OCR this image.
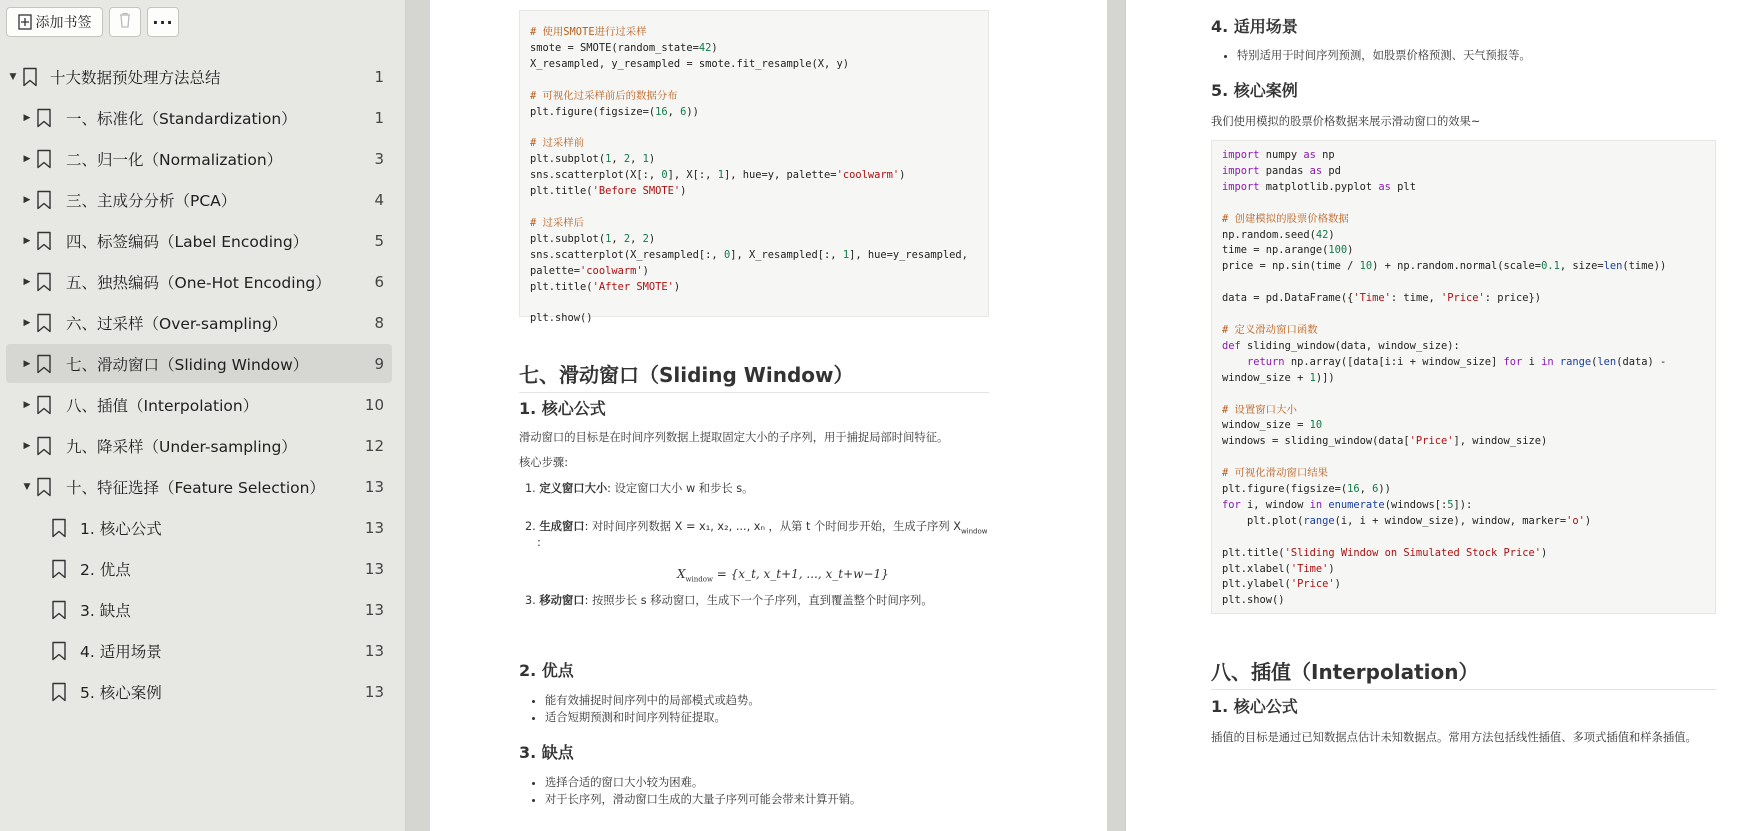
添加书签	···
▼ 十大数据预处理方法总结	1
▶ 一、标准化（Standardization）	1
▶ 二、归一化（Normalization）	3
▶ 三、主成分分析（PCA）	4
▶ 四、标签编码（Label Encoding）	5
▶ 五、独热编码（One-Hot Encoding）	6
▶ 六、过采样（Over-sampling）	8
▶ 七、滑动窗口（Sliding Window）	9
▶ 八、插值（Interpolation）	10
▶ 九、降采样（Under-sampling）	12
▼ 十、特征选择（Feature Selection）	13
1. 核心公式	13
2. 优点	13
3. 缺点	13
4. 适用场景	13
5. 核心案例	13
# 使用SMOTE进行过采样
smote = SMOTE(random_state=42)
X_resampled, y_resampled = smote.fit_resample(X, y)

# 可视化过采样前后的数据分布
plt.figure(figsize=(16, 6))

# 过采样前
plt.subplot(1, 2, 1)
sns.scatterplot(X[:, 0], X[:, 1], hue=y, palette='coolwarm')
plt.title('Before SMOTE')

# 过采样后
plt.subplot(1, 2, 2)
sns.scatterplot(X_resampled[:, 0], X_resampled[:, 1], hue=y_resampled,
palette='coolwarm')
plt.title('After SMOTE')

plt.show()
七、滑动窗口（Sliding Window）
1. 核心公式

滑动窗口的目标是在时间序列数据上提取固定大小的子序列，用于捕捉局部时间特征。

核心步骤:

1. 定义窗口大小: 设定窗口大小 w 和步长 s。
2. 生成窗口: 对时间序列数据 X = x₁, x₂, ..., xₙ ，从第 t 个时间步开始，生成子序列 $X_{window}$
:
$X_{window}$ = {x_t, x_t+1, ..., x_t+w−1}
3. 移动窗口: 按照步长 s 移动窗口，生成下一个子序列，直到覆盖整个时间序列。
2. 优点
• 能有效捕捉时间序列中的局部模式或趋势。
• 适合短期预测和时间序列特征提取。
3. 缺点
• 选择合适的窗口大小较为困难。
• 对于长序列，滑动窗口生成的大量子序列可能会带来计算开销。
4. 适用场景
• 特别适用于时间序列预测，如股票价格预测、天气预报等。
5. 核心案例

我们使用模拟的股票价格数据来展示滑动窗口的效果~

import numpy as np
import pandas as pd
import matplotlib.pyplot as plt

# 创建模拟的股票价格数据
np.random.seed(42)
time = np.arange(100)
price = np.sin(time / 10) + np.random.normal(scale=0.1, size=len(time))

data = pd.DataFrame({'Time': time, 'Price': price})

# 定义滑动窗口函数
def sliding_window(data, window_size):
return np.array([data[i:i + window_size] for i in range(len(data) -
window_size + 1)])

# 设置窗口大小
window_size = 10
windows = sliding_window(data['Price'], window_size)

# 可视化滑动窗口结果
plt.figure(figsize=(16, 6))
for i, window in enumerate(windows[:5]):
plt.plot(range(i, i + window_size), window, marker='o')

plt.title('Sliding Window on Simulated Stock Price')
plt.xlabel('Time')
plt.ylabel('Price')
plt.show()
八、插值（Interpolation）
1. 核心公式

插值的目标是通过已知数据点估计未知数据点。常用方法包括线性插值、多项式插值和样条插值。
